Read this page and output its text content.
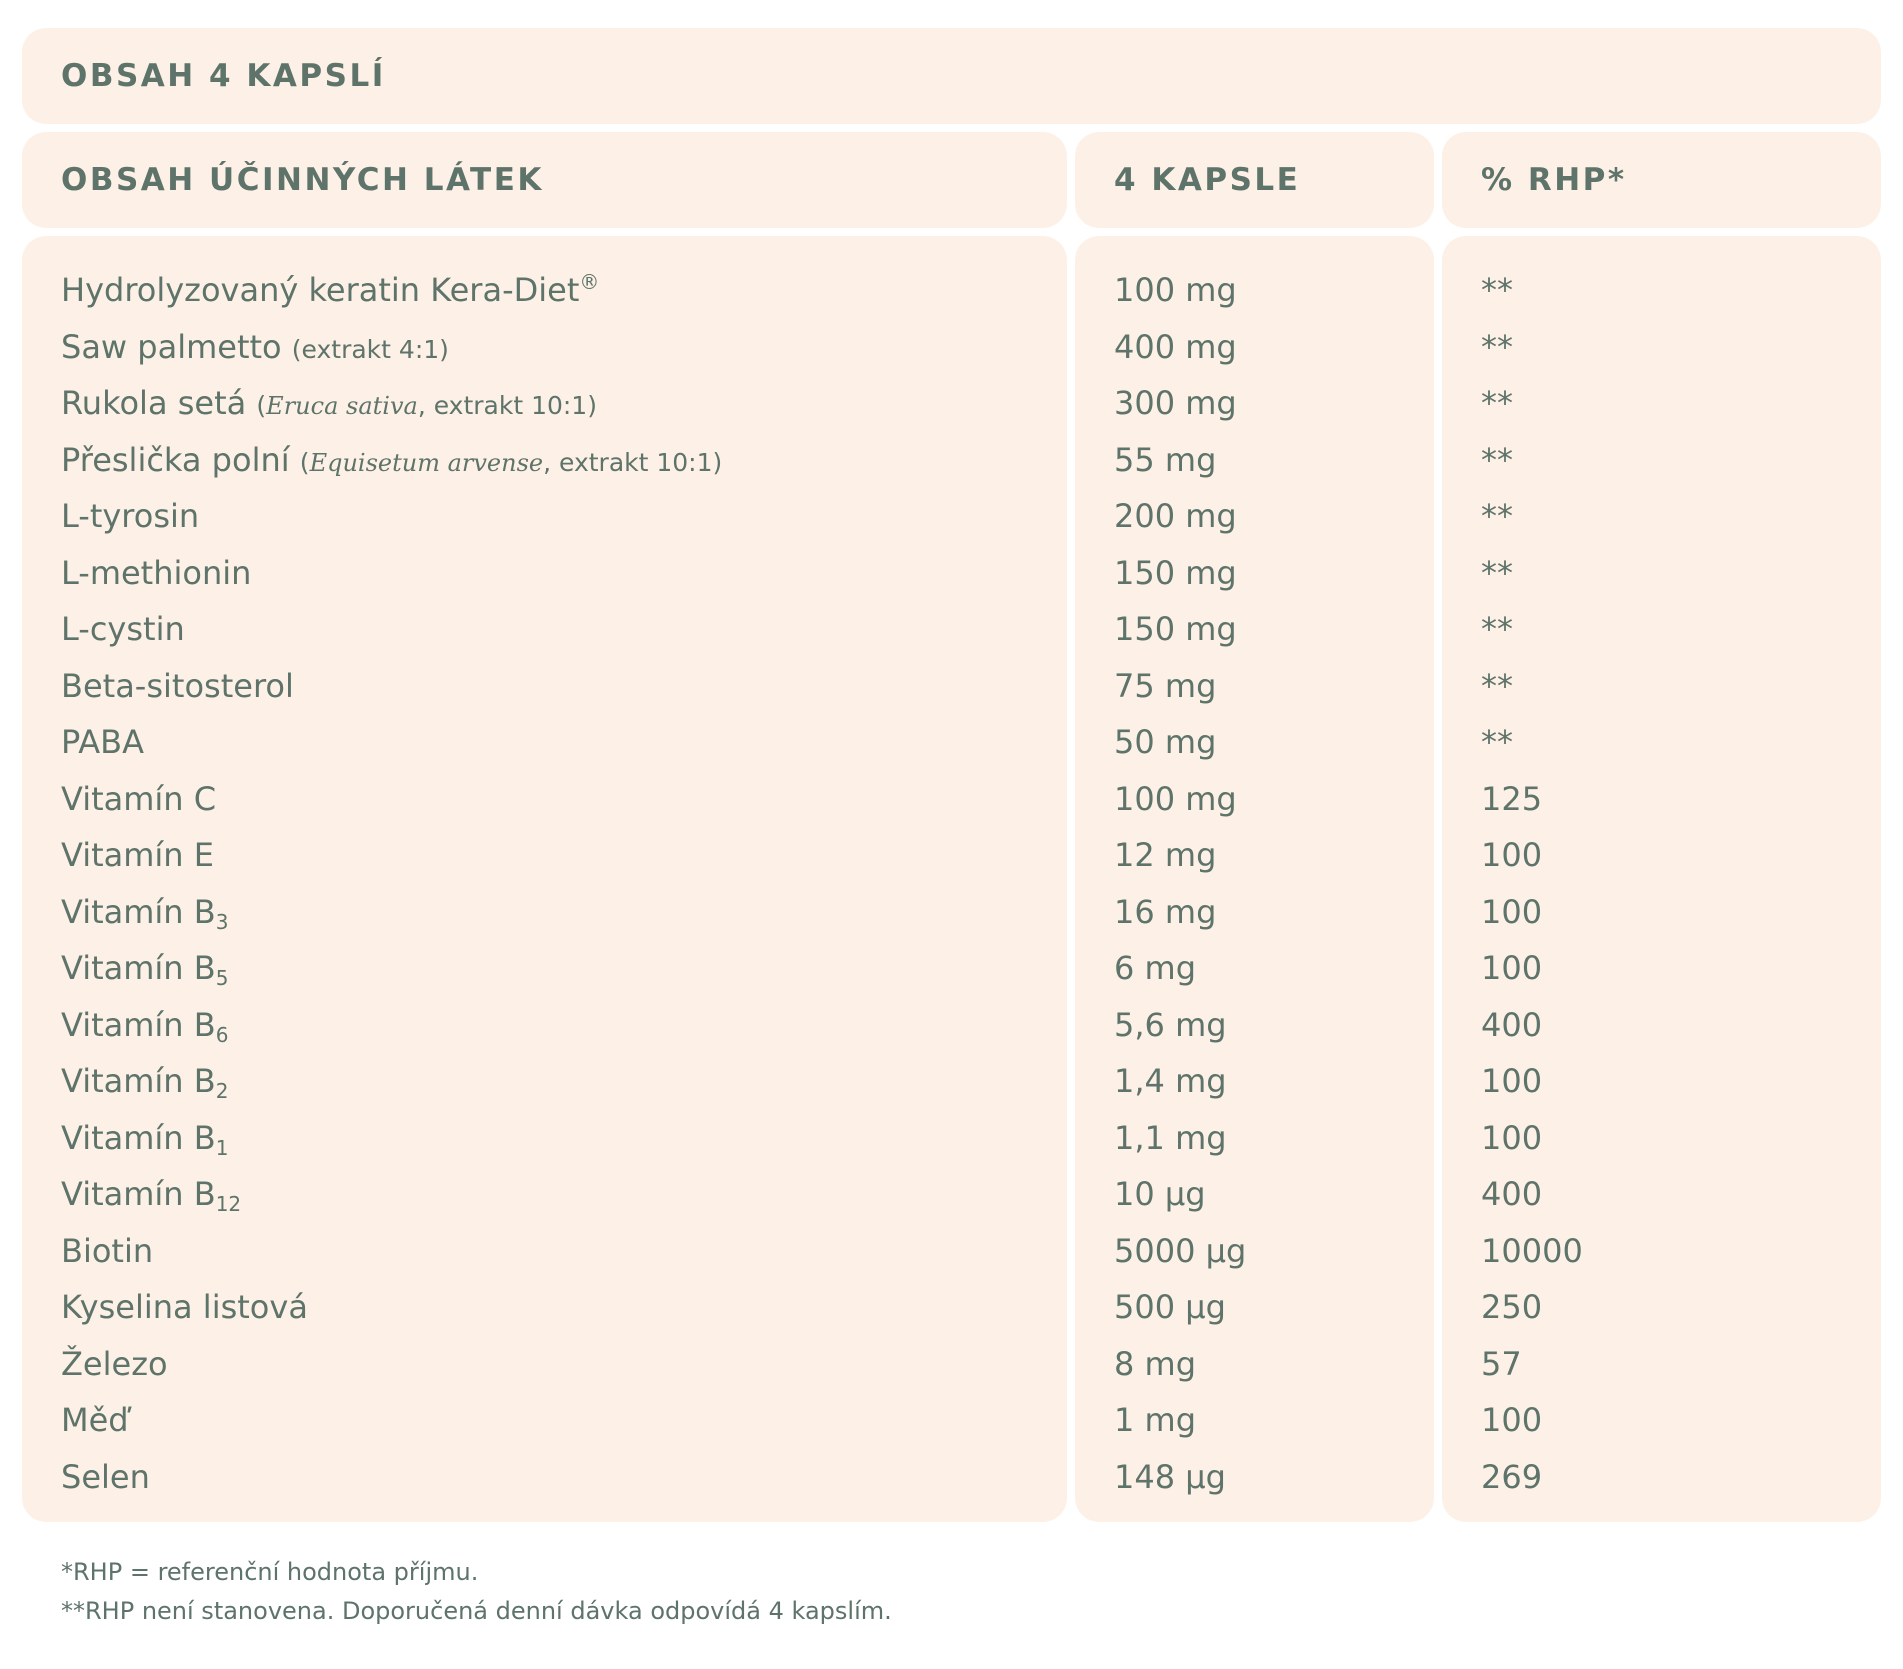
OBSAH 4 KAPSLÍ
OBSAH ÚČINNÝCH LÁTEK	4 KAPSLE	% RHP*
Hydrolyzovaný keratin Kera-Diet®
Saw palmetto (extrakt 4:1)
Rukola setá (Eruca sativa, extrakt 10:1)
Přeslička polní (Equisetum arvense, extrakt 10:1)
L-tyrosin
L-methionin
L-cystin
Beta-sitosterol
PABA
Vitamín C
Vitamín E
Vitamín $B_3$
Vitamín $B_5$
Vitamín $B_6$
Vitamín $B_2$
Vitamín $B_1$
Vitamín $B_{12}$
Biotin
Kyselina listová
Železo
Měď
Selen
100 mg
400 mg
300 mg
55 mg
200 mg
150 mg
150 mg
75 mg
50 mg
100 mg
12 mg
16 mg
6 mg
5,6 mg
1,4 mg
1,1 mg
10 µg
5000 µg
500 µg
8 mg
1 mg
148 µg
**
**
**
**
**
**
**
**
**
125
100
100
100
400
100
100
400
10000
250
57
100
269
*RHP = referenční hodnota příjmu.
**RHP není stanovena. Doporučená denní dávka odpovídá 4 kapslím.
